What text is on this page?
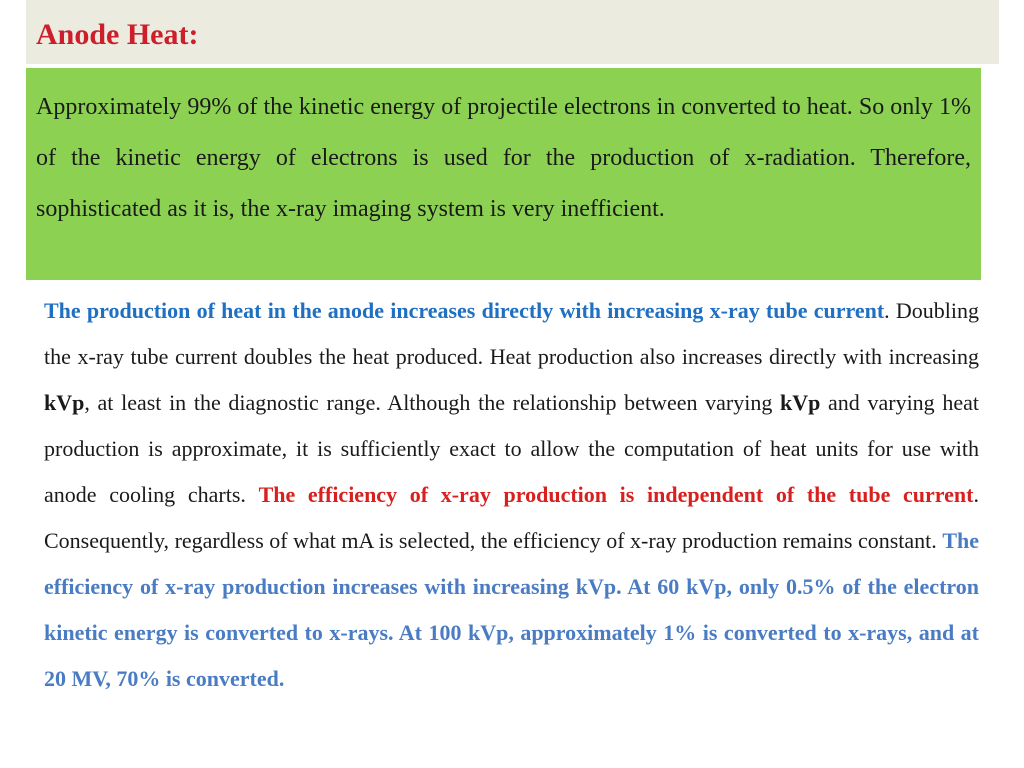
Anode Heat:

Approximately 99% of the kinetic energy of projectile electrons in converted to heat. So only 1% of the kinetic energy of electrons is used for the production of x-radiation. Therefore, sophisticated as it is, the x-ray imaging system is very inefficient.

The production of heat in the anode increases directly with increasing x-ray tube current. Doubling the x-ray tube current doubles the heat produced. Heat production also increases directly with increasing kVp, at least in the diagnostic range. Although the relationship between varying kVp and varying heat production is approximate, it is sufficiently exact to allow the computation of heat units for use with anode cooling charts. The efficiency of x-ray production is independent of the tube current. Consequently, regardless of what mA is selected, the efficiency of x-ray production remains constant. The efficiency of x-ray production increases with increasing kVp. At 60 kVp, only 0.5% of the electron kinetic energy is converted to x-rays. At 100 kVp, approximately 1% is converted to x-rays, and at 20 MV, 70% is converted.
